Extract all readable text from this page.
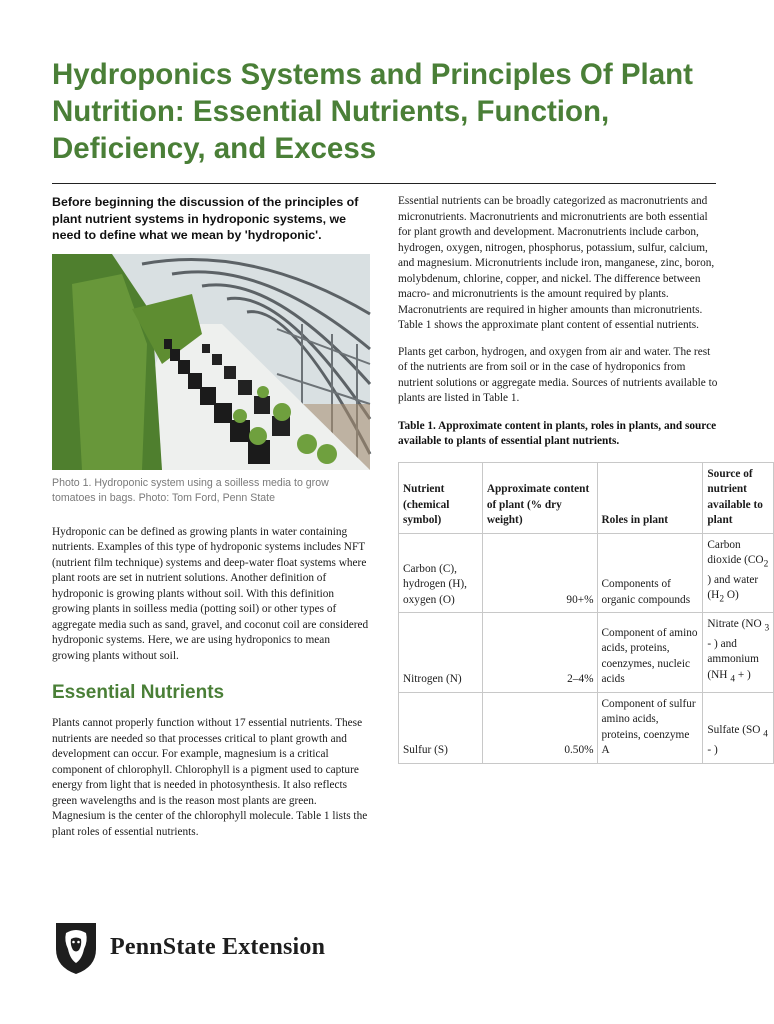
Hydroponics Systems and Principles Of Plant Nutrition: Essential Nutrients, Function, Deficiency, and Excess

Before beginning the discussion of the principles of plant nutrient systems in hydroponic systems, we need to define what we mean by 'hydroponic'.

Photo 1. Hydroponic system using a soilless media to grow tomatoes in bags. Photo: Tom Ford, Penn State

Hydroponic can be defined as growing plants in water containing nutrients. Examples of this type of hydroponic systems includes NFT (nutrient film technique) systems and deep-water float systems where plant roots are set in nutrient solutions. Another definition of hydroponic is growing plants without soil. With this definition growing plants in soilless media (potting soil) or other types of aggregate media such as sand, gravel, and coconut coil are considered hydroponic systems. Here, we are using hydroponics to mean growing plants without soil.

Essential Nutrients

Plants cannot properly function without 17 essential nutrients. These nutrients are needed so that processes critical to plant growth and development can occur. For example, magnesium is a critical component of chlorophyll. Chlorophyll is a pigment used to capture energy from light that is needed in photosynthesis. It also reflects green wavelengths and is the reason most plants are green. Magnesium is the center of the chlorophyll molecule. Table 1 lists the plant roles of essential nutrients.

Essential nutrients can be broadly categorized as macronutrients and micronutrients. Macronutrients and micronutrients are both essential for plant growth and development. Macronutrients include carbon, hydrogen, oxygen, nitrogen, phosphorus, potassium, sulfur, calcium, and magnesium. Micronutrients include iron, manganese, zinc, boron, molybdenum, chlorine, copper, and nickel. The difference between macro- and micronutrients is the amount required by plants. Macronutrients are required in higher amounts than micronutrients. Table 1 shows the approximate plant content of essential nutrients.

Plants get carbon, hydrogen, and oxygen from air and water. The rest of the nutrients are from soil or in the case of hydroponics from nutrient solutions or aggregate media. Sources of nutrients available to plants are listed in Table 1.

Table 1. Approximate content in plants, roles in plants, and source available to plants of essential plant nutrients.

Nutrient (chemical symbol)	Approximate content of plant (% dry weight)	Roles in plant	Source of nutrient available to plant
Carbon (C), hydrogen (H), oxygen (O)	90+%	Components of organic compounds	Carbon dioxide ($CO_2$ ) and water ($H_2$ O)
Nitrogen (N)	2–4%	Component of amino acids, proteins, coenzymes, nucleic acids	Nitrate (NO $_3$ - ) and ammonium (NH $_4$ + )
Sulfur (S)	0.50%	Component of sulfur amino acids, proteins, coenzyme A	Sulfate (SO $_4$ - )
PennState Extension
